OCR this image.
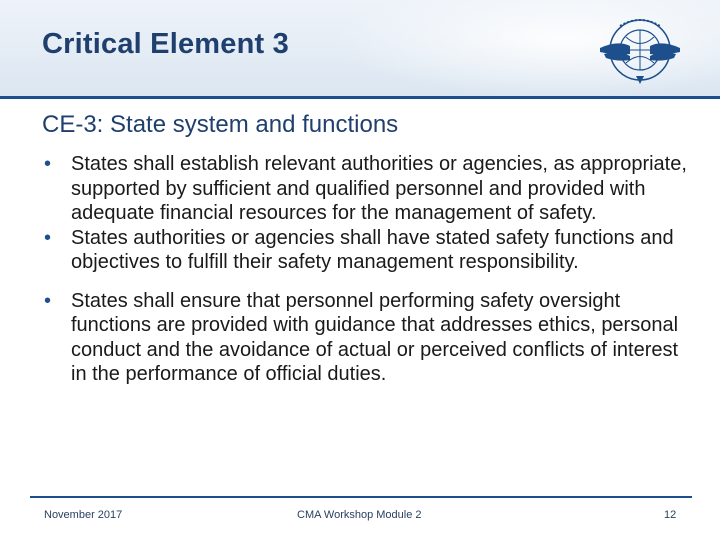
Critical Element 3
CE-3: State system and functions

• States shall establish relevant authorities or agencies, as appropriate, supported by sufficient and qualified personnel and provided with adequate financial resources for the management of safety.

• States authorities or agencies shall have stated safety functions and objectives to fulfill their safety management responsibility.

• States shall ensure that personnel performing safety oversight functions are provided with guidance that addresses ethics, personal conduct and the avoidance of actual or perceived conflicts of interest in the performance of official duties.

November 2017	CMA Workshop Module 2	12
